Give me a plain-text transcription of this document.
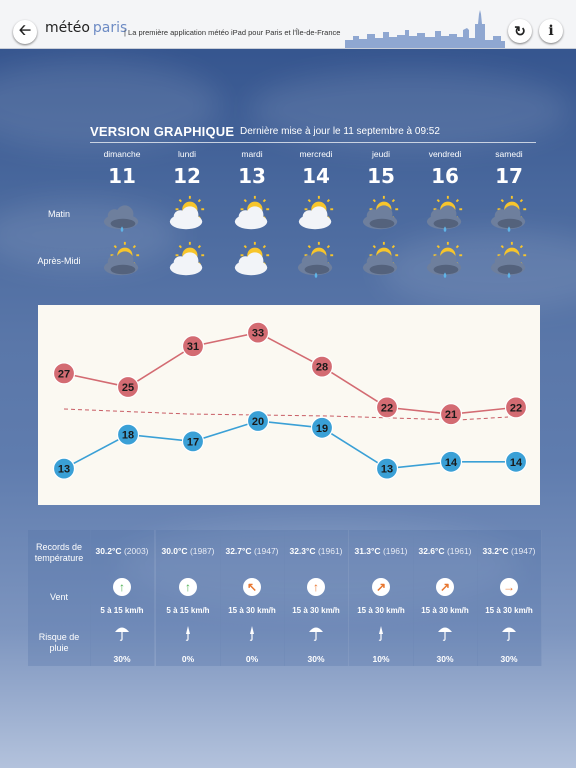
🡠 météo paris
| La première application météo iPad pour Paris et l'Île-de-France	↻ i
VERSION GRAPHIQUE Dernière mise à jour le 11 septembre à 09:52
dimanche
11
lundi
12
mardi
13
mercredi
14
jeudi
15
vendredi
16
samedi
17
Matin
Après-Midi
27
25
31
33
28
22
21
22
13
18
17
20
19
13
14	14
Records de température
Vent
Risque de pluie
30.2°C (2003)
↑
5 à 15 km/h
30%
30.0°C (1987)
↑
5 à 15 km/h
0%
32.7°C (1947)
↖
15 à 30 km/h
0%
32.3°C (1961)
↑
15 à 30 km/h
30%
31.3°C (1961)
↗
15 à 30 km/h
10%
32.6°C (1961)
↗
15 à 30 km/h
30%
33.2°C (1947)
→
15 à 30 km/h
30%
